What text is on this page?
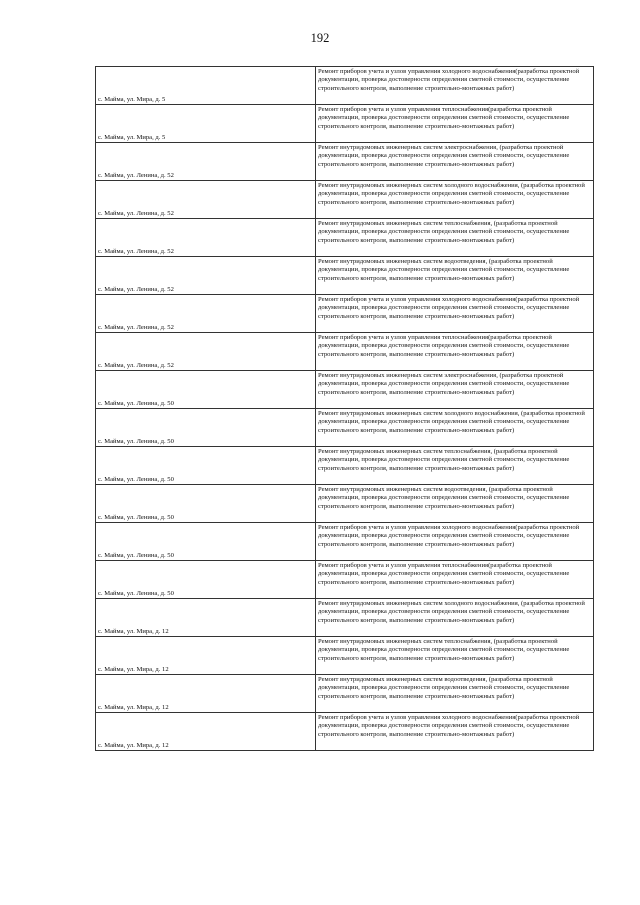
192
с. Майма, ул. Мира, д. 5	Ремонт приборов учета и узлов управления холодного водоснабжения(разработка проектной документации, проверка достоверности определения сметной стоимости, осуществление строительного контроля, выполнение строительно-монтажных работ)
с. Майма, ул. Мира, д. 5	Ремонт приборов учета и узлов управления теплоснабжения(разработка проектной документации, проверка достоверности определения сметной стоимости, осуществление строительного контроля, выполнение строительно-монтажных работ)
с. Майма, ул. Ленина, д. 52	Ремонт внутридомовых инженерных систем электроснабжения, (разработка проектной документации, проверка достоверности определения сметной стоимости, осуществление строительного контроля, выполнение строительно-монтажных работ)
с. Майма, ул. Ленина, д. 52	Ремонт внутридомовых инженерных систем холодного водоснабжения, (разработка проектной документации, проверка достоверности определения сметной стоимости, осуществление строительного контроля, выполнение строительно-монтажных работ)
с. Майма, ул. Ленина, д. 52	Ремонт внутридомовых инженерных систем теплоснабжения, (разработка проектной документации, проверка достоверности определения сметной стоимости, осуществление строительного контроля, выполнение строительно-монтажных работ)
с. Майма, ул. Ленина, д. 52	Ремонт внутридомовых инженерных систем водоотведения, (разработка проектной документации, проверка достоверности определения сметной стоимости, осуществление строительного контроля, выполнение строительно-монтажных работ)
с. Майма, ул. Ленина, д. 52	Ремонт приборов учета и узлов управления холодного водоснабжения(разработка проектной документации, проверка достоверности определения сметной стоимости, осуществление строительного контроля, выполнение строительно-монтажных работ)
с. Майма, ул. Ленина, д. 52	Ремонт приборов учета и узлов управления теплоснабжения(разработка проектной документации, проверка достоверности определения сметной стоимости, осуществление строительного контроля, выполнение строительно-монтажных работ)
с. Майма, ул. Ленина, д. 50	Ремонт внутридомовых инженерных систем электроснабжения, (разработка проектной документации, проверка достоверности определения сметной стоимости, осуществление строительного контроля, выполнение строительно-монтажных работ)
с. Майма, ул. Ленина, д. 50	Ремонт внутридомовых инженерных систем холодного водоснабжения, (разработка проектной документации, проверка достоверности определения сметной стоимости, осуществление строительного контроля, выполнение строительно-монтажных работ)
с. Майма, ул. Ленина, д. 50	Ремонт внутридомовых инженерных систем теплоснабжения, (разработка проектной документации, проверка достоверности определения сметной стоимости, осуществление строительного контроля, выполнение строительно-монтажных работ)
с. Майма, ул. Ленина, д. 50	Ремонт внутридомовых инженерных систем водоотведения, (разработка проектной документации, проверка достоверности определения сметной стоимости, осуществление строительного контроля, выполнение строительно-монтажных работ)
с. Майма, ул. Ленина, д. 50	Ремонт приборов учета и узлов управления холодного водоснабжения(разработка проектной документации, проверка достоверности определения сметной стоимости, осуществление строительного контроля, выполнение строительно-монтажных работ)
с. Майма, ул. Ленина, д. 50	Ремонт приборов учета и узлов управления теплоснабжения(разработка проектной документации, проверка достоверности определения сметной стоимости, осуществление строительного контроля, выполнение строительно-монтажных работ)
с. Майма, ул. Мира, д. 12	Ремонт внутридомовых инженерных систем холодного водоснабжения, (разработка проектной документации, проверка достоверности определения сметной стоимости, осуществление строительного контроля, выполнение строительно-монтажных работ)
с. Майма, ул. Мира, д. 12	Ремонт внутридомовых инженерных систем теплоснабжения, (разработка проектной документации, проверка достоверности определения сметной стоимости, осуществление строительного контроля, выполнение строительно-монтажных работ)
с. Майма, ул. Мира, д. 12	Ремонт внутридомовых инженерных систем водоотведения, (разработка проектной документации, проверка достоверности определения сметной стоимости, осуществление строительного контроля, выполнение строительно-монтажных работ)
с. Майма, ул. Мира, д. 12	Ремонт приборов учета и узлов управления холодного водоснабжения(разработка проектной документации, проверка достоверности определения сметной стоимости, осуществление строительного контроля, выполнение строительно-монтажных работ)
